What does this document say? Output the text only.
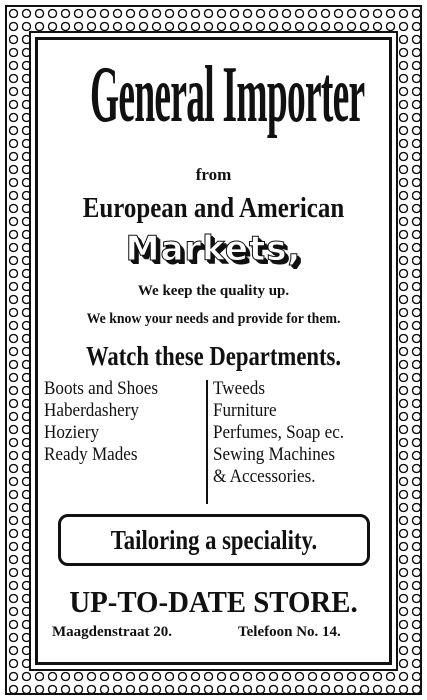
General Importer
from
European and American
Markets,
We keep the quality up.
We know your needs and provide for them.
Watch these Departments.
Boots and Shoes
Haberdashery
Hoziery
Ready Mades
Tweeds
Furniture
Perfumes, Soap ec.
Sewing Machines
& Accessories.
Tailoring a speciality.
UP-TO-DATE STORE.
Maagdenstraat 20.	Telefoon No. 14.
